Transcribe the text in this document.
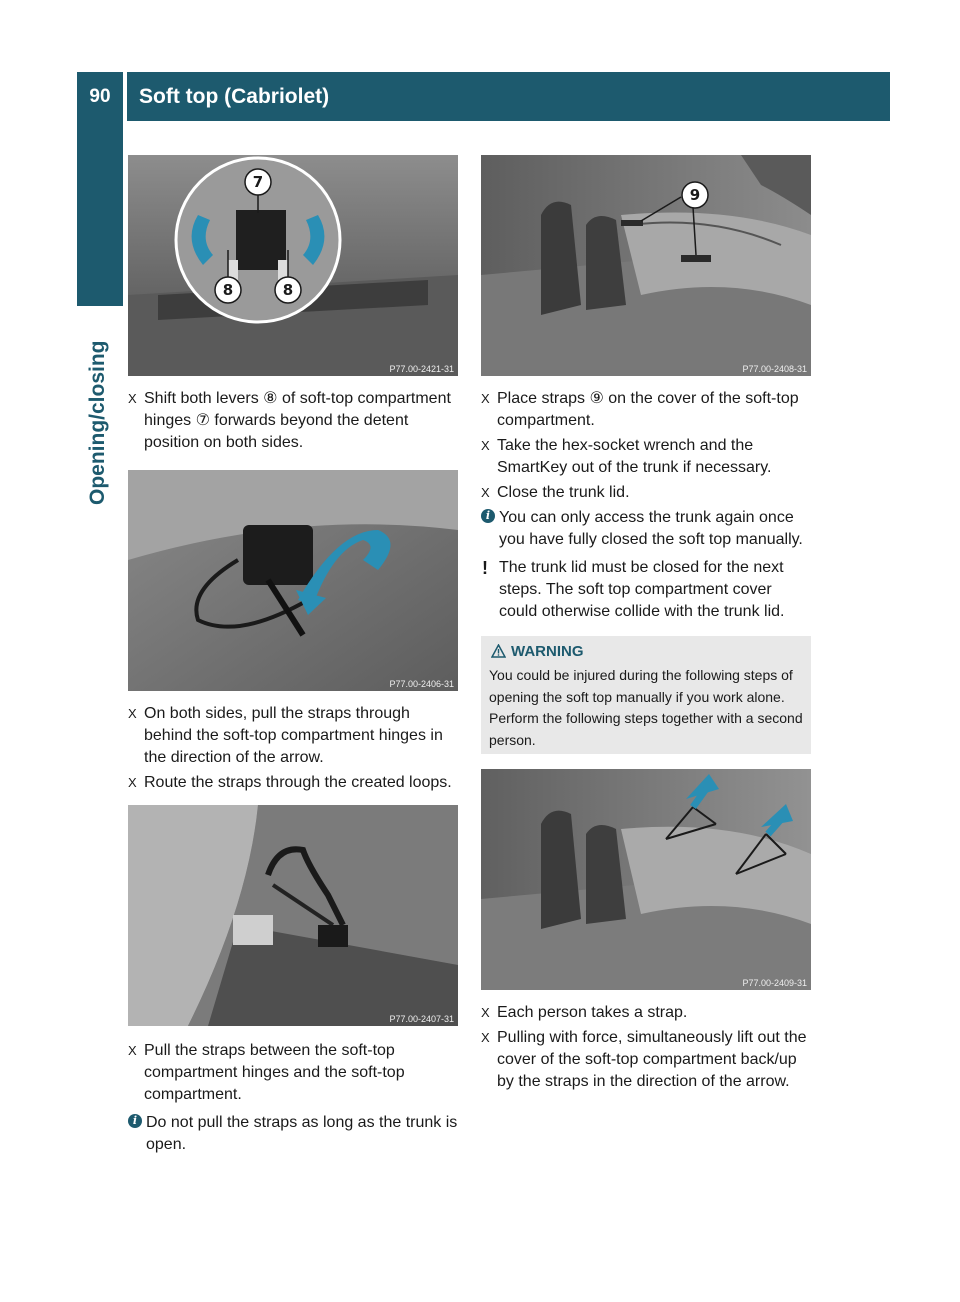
90	Soft top (Cabriolet)
Opening/closing
7
8	8
P77.00-2421-31
X Shift both levers ⑧ of soft-top compartment hinges ⑦ forwards beyond the detent position on both sides.
P77.00-2406-31
X On both sides, pull the straps through behind the soft-top compartment hinges in the direction of the arrow.
X Route the straps through the created loops.
P77.00-2407-31
X Pull the straps between the soft-top compartment hinges and the soft-top compartment.
i Do not pull the straps as long as the trunk is open.
9
P77.00-2408-31
X Place straps ⑨ on the cover of the soft-top compartment.
X Take the hex-socket wrench and the SmartKey out of the trunk if necessary.
X Close the trunk lid.
i You can only access the trunk again once you have fully closed the soft top manually.
! The trunk lid must be closed for the next steps. The soft top compartment cover could otherwise collide with the trunk lid.
WARNING
You could be injured during the following steps of opening the soft top manually if you work alone. Perform the following steps together with a second person.
P77.00-2409-31
X Each person takes a strap.
X Pulling with force, simultaneously lift out the cover of the soft-top compartment back/up by the straps in the direction of the arrow.
